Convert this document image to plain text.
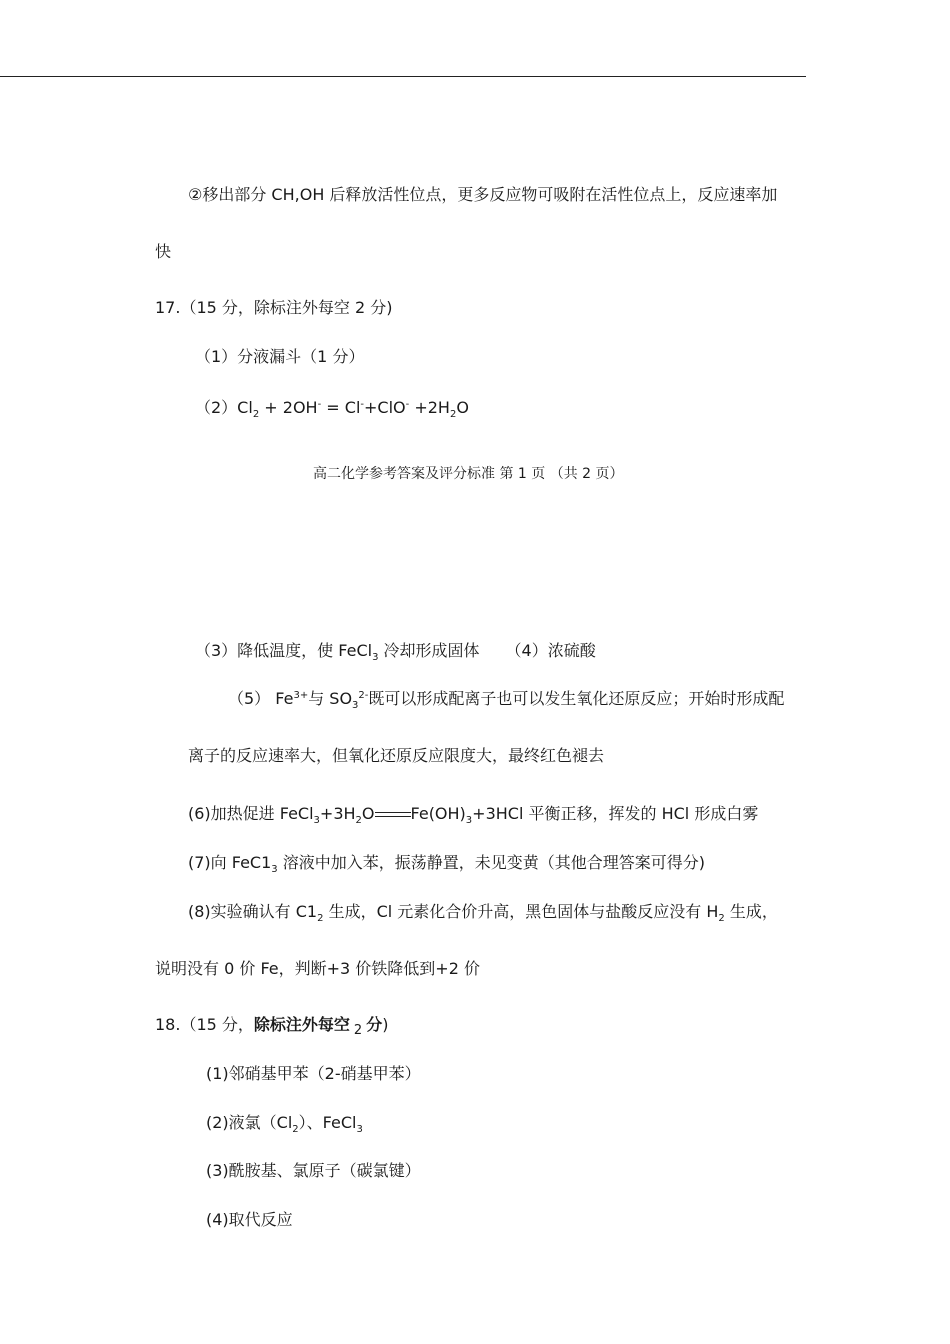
②移出部分 CH,OH 后释放活性位点，更多反应物可吸附在活性位点上，反应速率加
快
17.（15 分，除标注外每空 2 分)
（1）分液漏斗（1 分）
$(2)Cl_2 + 2OH^- = Cl^-+ClO^- +2H_2O$
高二化学参考答案及评分标准 第 1 页 （共 2 页）
（3）降低温度，使 FeCl$_3$ 冷却形成固体 （4）浓硫酸
（5） $Fe^{3+}$与 $SO_3^{2-}$既可以形成配离子也可以发生氧化还原反应；开始时形成配
离子的反应速率大，但氧化还原反应限度大，最终红色褪去
(6)加热促进 $FeCl_3+3H_2O$ $Fe(OH)_3+3HCl$ 平衡正移，挥发的 HCl 形成白雾
(7)向 $FeC1_3$ 溶液中加入苯，振荡静置，未见变黄（其他合理答案可得分)
(8)实验确认有 $C1_2$ 生成，Cl 元素化合价升高，黑色固体与盐酸反应没有 $H_2$ 生成，
说明没有 0 价 Fe，判断+3 价铁降低到+2 价
18.（15 分，除标注外每空 $_2$ 分)
(1)邻硝基甲苯（2-硝基甲苯）
(2)液氯$(Cl_2)$、FeCl$_3$
(3)酰胺基、氯原子（碳氯键）
(4)取代反应
